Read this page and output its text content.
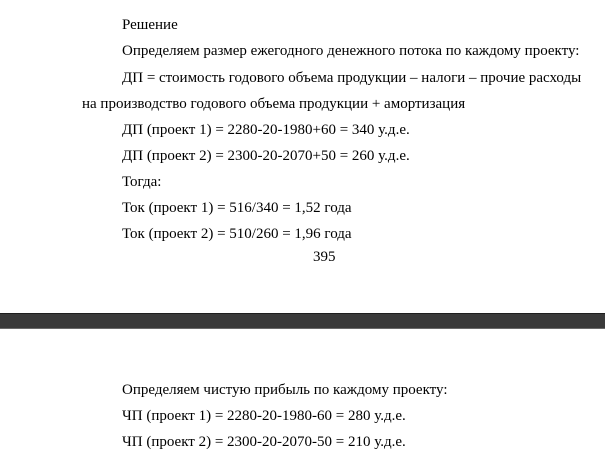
Решение
Определяем размер ежегодного денежного потока по каждому проекту:
ДП = стоимость годового объема продукции – налоги – прочие расходы
на производство годового объема продукции + амортизация
ДП (проект 1) = 2280-20-1980+60 = 340 у.д.е.
ДП (проект 2) = 2300-20-2070+50 = 260 у.д.е.
Тогда:
Ток (проект 1) = 516/340 = 1,52 года
Ток (проект 2) = 510/260 = 1,96 года
395
Определяем чистую прибыль по каждому проекту:
ЧП (проект 1) = 2280-20-1980-60 = 280 у.д.е.
ЧП (проект 2) = 2300-20-2070-50 = 210 у.д.е.
